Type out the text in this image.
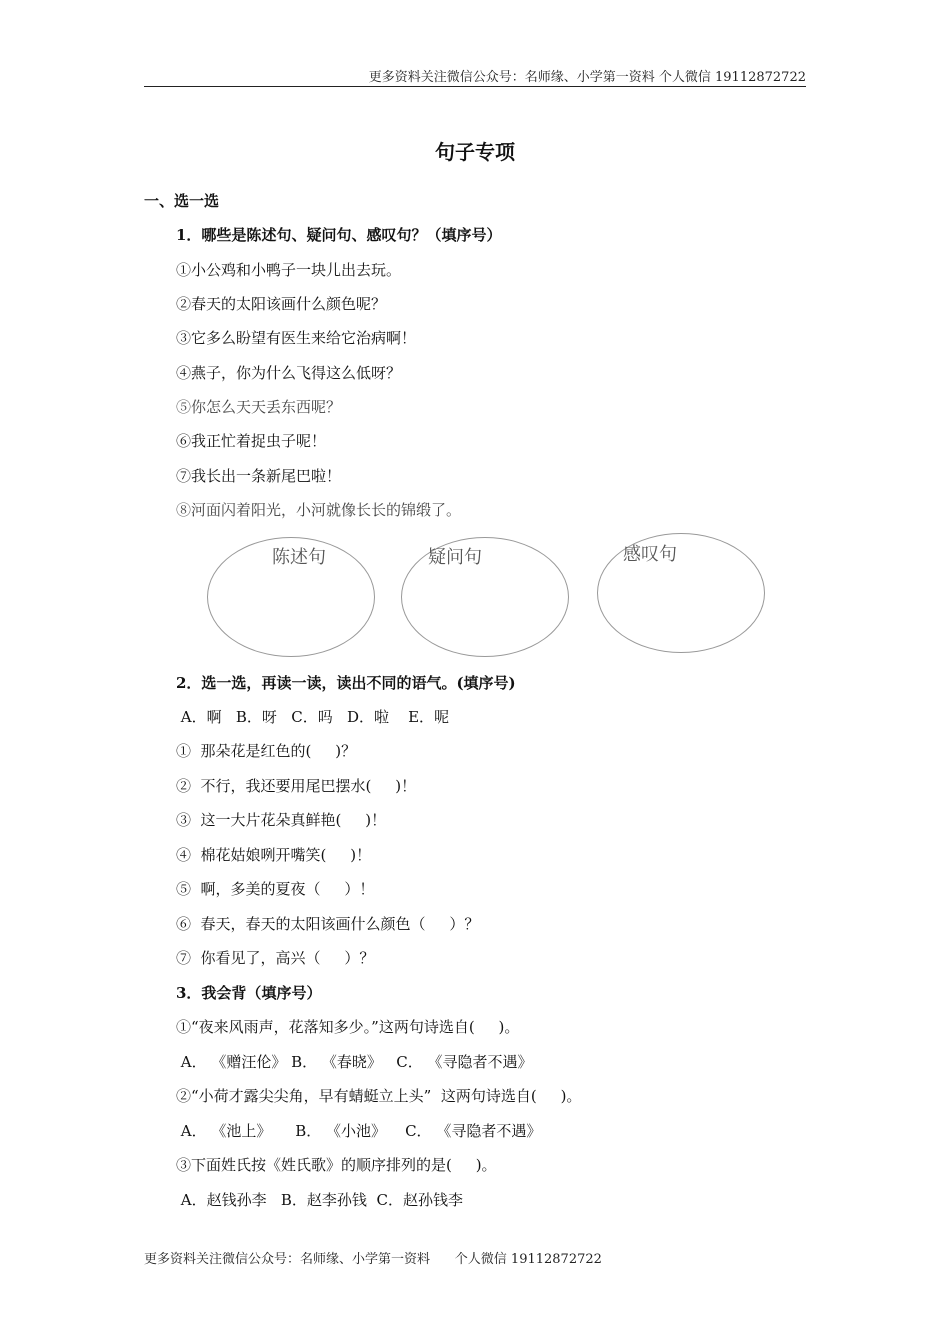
更多资料关注微信公众号：名师缘、小学第一资料 个人微信 19112872722
句子专项
一、选一选
1．哪些是陈述句、疑问句、感叹句？（填序号）
①小公鸡和小鸭子一块儿出去玩。
②春天的太阳该画什么颜色呢？
③它多么盼望有医生来给它治病啊！
④燕子，你为什么飞得这么低呀？
⑤你怎么天天丢东西呢？
⑥我正忙着捉虫子呢！
⑦我长出一条新尾巴啦！
⑧河面闪着阳光，小河就像长长的锦缎了。
陈述句	疑问句	感叹句
2．选一选，再读一读，读出不同的语气。(填序号)
A．啊   B．呀   C．吗   D．啦    E．呢
①  那朵花是红色的(     )？
②  不行，我还要用尾巴摆水(     )！
③  这一大片花朵真鲜艳(     )！
④  棉花姑娘咧开嘴笑(     )！
⑤  啊，多美的夏夜（     ）！
⑥  春天，春天的太阳该画什么颜色（     ）？
⑦  你看见了，高兴（     ）？
3．我会背（填序号）
①“夜来风雨声，花落知多少。”这两句诗选自(     )。
A． 《赠汪伦》 B． 《春晓》   C． 《寻隐者不遇》
②“小荷才露尖尖角，早有蜻蜓立上头”  这两句诗选自(     )。
A． 《池上》     B． 《小池》    C． 《寻隐者不遇》
③下面姓氏按《姓氏歌》的顺序排列的是(     )。
A．赵钱孙李   B．赵李孙钱  C．赵孙钱李
更多资料关注微信公众号：名师缘、小学第一资料      个人微信 19112872722
